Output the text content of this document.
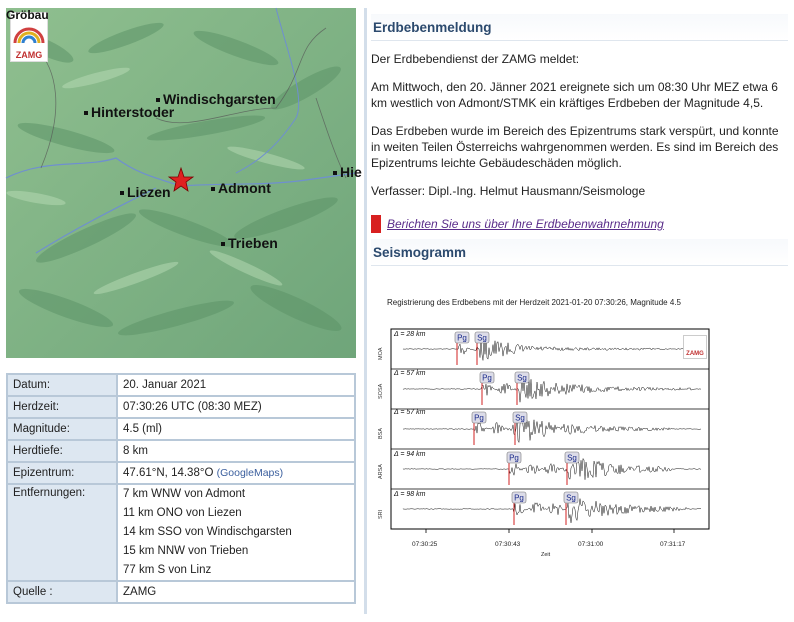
ZAMG
Gröbau
Hinterstoder
Windischgarsten
Liezen	Admont
Trieben
Hie
Datum:	20. Januar 2021
Herdzeit:	07:30:26 UTC (08:30 MEZ)
Magnitude:	4.5 (ml)
Herdtiefe:	8 km
Epizentrum:	47.61°N, 14.38°O (GoogleMaps)
Entfernungen:	7 km WNW von Admont
11 km ONO von Liezen
14 km SSO von Windischgarsten
15 km NNW von Trieben
77 km S von Linz

Quelle :	ZAMG
Erdbebenmeldung

Der Erdbebendienst der ZAMG meldet:

Am Mittwoch, den 20. Jänner 2021 ereignete sich um 08:30 Uhr MEZ etwa 6 km westlich von Admont/STMK ein kräftiges Erdbeben der Magnitude 4,5.

Das Erdbeben wurde im Bereich des Epizentrums stark verspürt, und konnte in weiten Teilen Österreichs wahrgenommen werden. Es sind im Bereich des Epizentrums leichte Gebäudeschäden möglich.

Verfasser: Dipl.-Ing. Helmut Hausmann/Seismologe

Berichten Sie uns über Ihre Erdbebenwahrnehmung
Seismogramm
Registrierung des Erdbebens mit der Herdzeit 2021-01-20 07:30:26, Magnitude 4.5
Pg Sg
Pg	Sg
Pg	Sg
Pg	Sg
Pg	Sg
07:30:25	07:30:43	07:31:00	07:31:17
Zeit
Δ = 28 km
Δ = 57 km
Δ = 57 km
Δ = 94 km
Δ = 98 km
MOA
SOSA
BSA
ARSA
SRI
ZAMG
